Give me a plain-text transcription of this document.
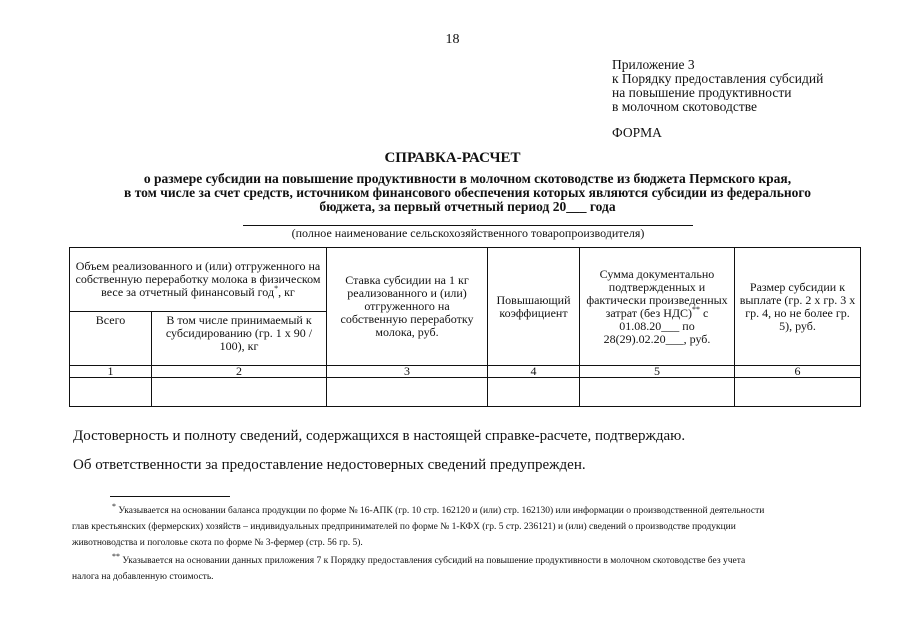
18
Приложение 3
к Порядку предоставления субсидий
на повышение продуктивности
в молочном скотоводстве
ФОРМА
СПРАВКА-РАСЧЕТ
о размере субсидии на повышение продуктивности в молочном скотоводстве из бюджета Пермского края,
в том числе за счет средств, источником финансового обеспечения которых являются субсидии из федерального
бюджета, за первый отчетный период 20___ года
(полное наименование сельскохозяйственного товаропроизводителя)
Объем реализованного и (или) отгруженного на собственную переработку молока в физическом весе за отчетный финансовый год*, кг		Ставка субсидии на 1 кг реализованного и (или) отгруженного на собственную переработку молока, руб.	Повышающий коэффициент	Сумма документально подтвержденных и фактически произведенных затрат (без НДС)** с 01.08.20___ по 28(29).02.20___, руб.	Размер субсидии к выплате (гр. 2 x гр. 3 x гр. 4, но не более гр. 5), руб.
Всего	В том числе принимаемый к субсидированию (гр. 1 x 90 / 100), кг				
1	2	3	4	5	6

Достоверность и полноту сведений, содержащихся в настоящей справке-расчете, подтверждаю.
Об ответственности за предоставление недостоверных сведений предупрежден.
* Указывается на основании баланса продукции по форме № 16-АПК (гр. 10 стр. 162120 и (или) стр. 162130) или информации о производственной деятельности
глав крестьянских (фермерских) хозяйств – индивидуальных предпринимателей по форме № 1-КФХ (гр. 5 стр. 236121) и (или) сведений о производстве продукции
животноводства и поголовье скота по форме № 3-фермер (стр. 56 гр. 5).
** Указывается на основании данных приложения 7 к Порядку предоставления субсидий на повышение продуктивности в молочном скотоводстве без учета
налога на добавленную стоимость.
